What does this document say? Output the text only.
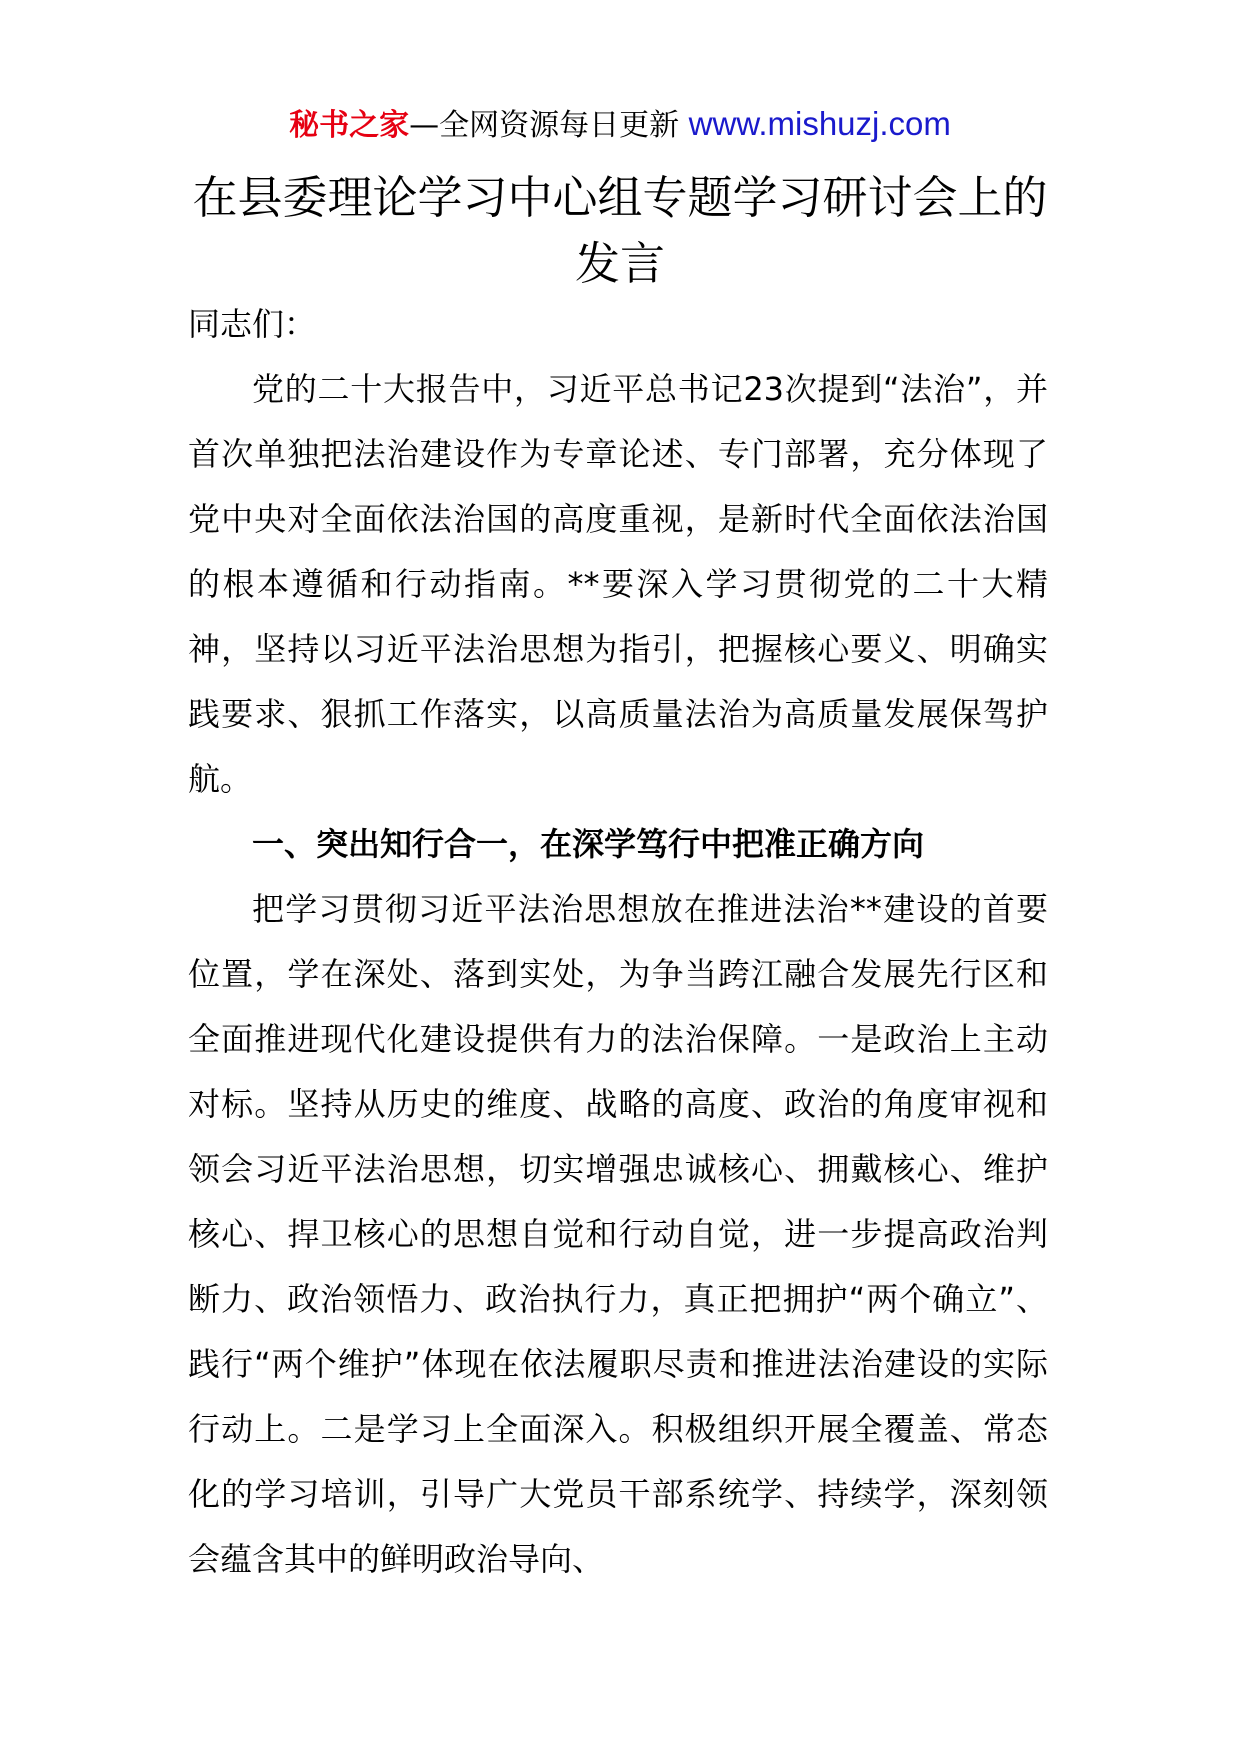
秘书之家—全网资源每日更新 www.mishuzj.com
在县委理论学习中心组专题学习研讨会上的发言

同志们：

党的二十大报告中，习近平总书记23次提到“法治”，并首次单独把法治建设作为专章论述、专门部署，充分体现了党中央对全面依法治国的高度重视，是新时代全面依法治国的根本遵循和行动指南。**要深入学习贯彻党的二十大精神，坚持以习近平法治思想为指引，把握核心要义、明确实践要求、狠抓工作落实，以高质量法治为高质量发展保驾护航。

一、突出知行合一，在深学笃行中把准正确方向

把学习贯彻习近平法治思想放在推进法治**建设的首要位置，学在深处、落到实处，为争当跨江融合发展先行区和全面推进现代化建设提供有力的法治保障。一是政治上主动对标。坚持从历史的维度、战略的高度、政治的角度审视和领会习近平法治思想，切实增强忠诚核心、拥戴核心、维护核心、捍卫核心的思想自觉和行动自觉，进一步提高政治判断力、政治领悟力、政治执行力，真正把拥护“两个确立”、践行“两个维护”体现在依法履职尽责和推进法治建设的实际行动上。二是学习上全面深入。积极组织开展全覆盖、常态化的学习培训，引导广大党员干部系统学、持续学，深刻领会蕴含其中的鲜明政治导向、
